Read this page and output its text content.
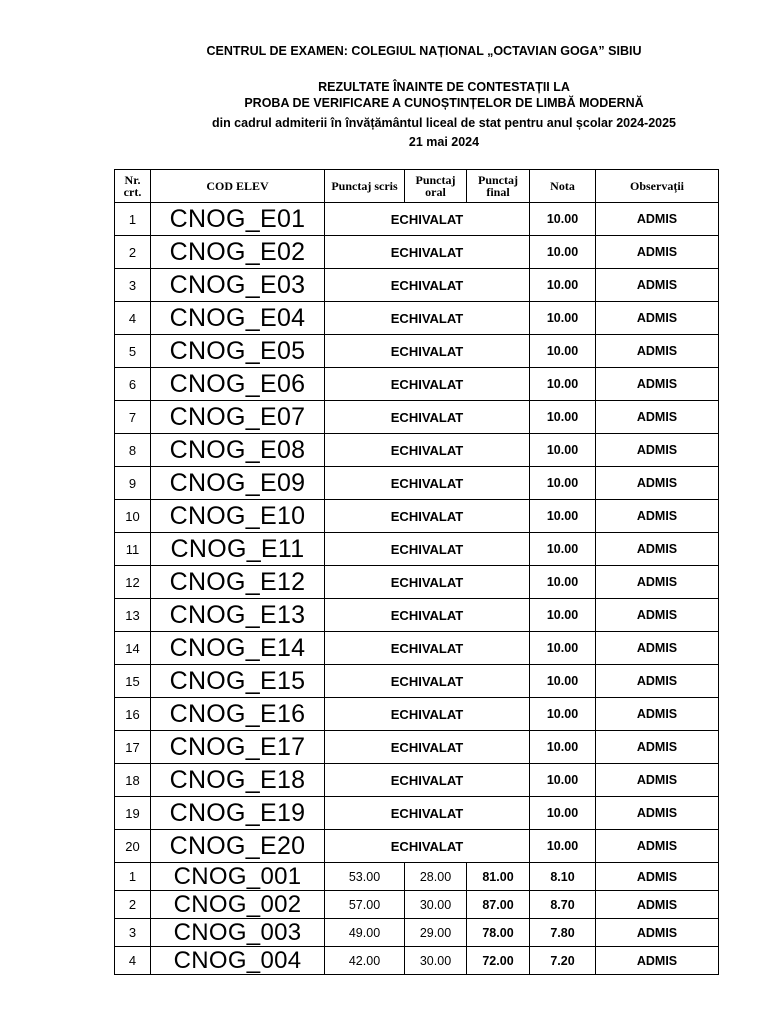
CENTRUL DE EXAMEN: COLEGIUL NAȚIONAL „OCTAVIAN GOGA” SIBIU
REZULTATE ÎNAINTE DE CONTESTAȚII LA
PROBA DE VERIFICARE A CUNOȘTINȚELOR DE LIMBĂ MODERNĂ
din cadrul admiterii în învățământul liceal de stat pentru anul școlar 2024-2025
21 mai 2024
Nr. crt.	COD ELEV	Punctaj scris	Punctaj oral	Punctaj final	Nota	Observații
1	CNOG_E01	ECHIVALAT			10.00	ADMIS
2	CNOG_E02	ECHIVALAT			10.00	ADMIS
3	CNOG_E03	ECHIVALAT			10.00	ADMIS
4	CNOG_E04	ECHIVALAT			10.00	ADMIS
5	CNOG_E05	ECHIVALAT			10.00	ADMIS
6	CNOG_E06	ECHIVALAT			10.00	ADMIS
7	CNOG_E07	ECHIVALAT			10.00	ADMIS
8	CNOG_E08	ECHIVALAT			10.00	ADMIS
9	CNOG_E09	ECHIVALAT			10.00	ADMIS
10	CNOG_E10	ECHIVALAT			10.00	ADMIS
11	CNOG_E11	ECHIVALAT			10.00	ADMIS
12	CNOG_E12	ECHIVALAT			10.00	ADMIS
13	CNOG_E13	ECHIVALAT			10.00	ADMIS
14	CNOG_E14	ECHIVALAT			10.00	ADMIS
15	CNOG_E15	ECHIVALAT			10.00	ADMIS
16	CNOG_E16	ECHIVALAT			10.00	ADMIS
17	CNOG_E17	ECHIVALAT			10.00	ADMIS
18	CNOG_E18	ECHIVALAT			10.00	ADMIS
19	CNOG_E19	ECHIVALAT			10.00	ADMIS
20	CNOG_E20	ECHIVALAT			10.00	ADMIS
1	CNOG_001	53.00	28.00	81.00	8.10	ADMIS
2	CNOG_002	57.00	30.00	87.00	8.70	ADMIS
3	CNOG_003	49.00	29.00	78.00	7.80	ADMIS
4	CNOG_004	42.00	30.00	72.00	7.20	ADMIS
